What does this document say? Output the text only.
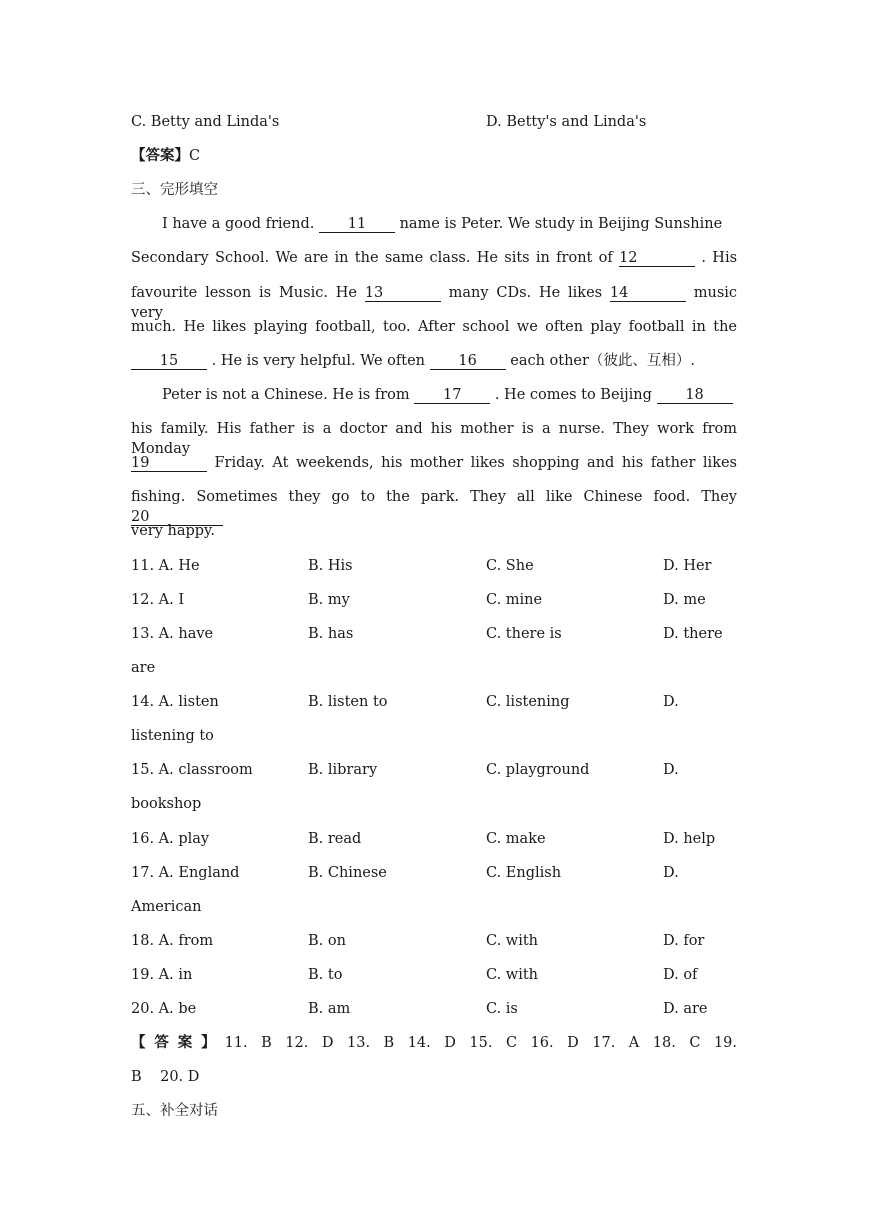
C. Betty and Linda's	D. Betty's and Linda's
【答案】C
三、完形填空
I have a good friend. 11 name is Peter. We study in Beijing Sunshine
Secondary School. We are in the same class. He sits in front of 12	. His
favourite lesson is Music. He 13	many CDs. He likes 14	music very
much. He likes playing football, too. After school we often play football in the
15 . He is very helpful. We often 16 each other（彼此、互相）.
Peter is not a Chinese. He is from 17 . He comes to Beijing 18
his family. His father is a doctor and his mother is a nurse. They work from Monday
19	Friday. At weekends, his mother likes shopping and his father likes
fishing. Sometimes they go to the park. They all like Chinese food. They 20
very happy.
11. A. He	B. His	C. She	D. Her
12. A. I	B. my	C. mine	D. me
13. A. have	B. has	C. there is	D. there
are
14. A. listen	B. listen to	C. listening	D.
listening to
15. A. classroom	B. library	C. playground	D.
bookshop
16. A. play	B. read	C. make	D. help
17. A. England	B. Chinese	C. English	D.
American
18. A. from	B. on	C. with	D. for
19. A. in	B. to	C. with	D. of
20. A. be	B. am	C. is	D. are
【答案】11. B 12. D 13. B 14. D 15. C 16. D 17. A 18. C 19.
B    20. D
五、补全对话
